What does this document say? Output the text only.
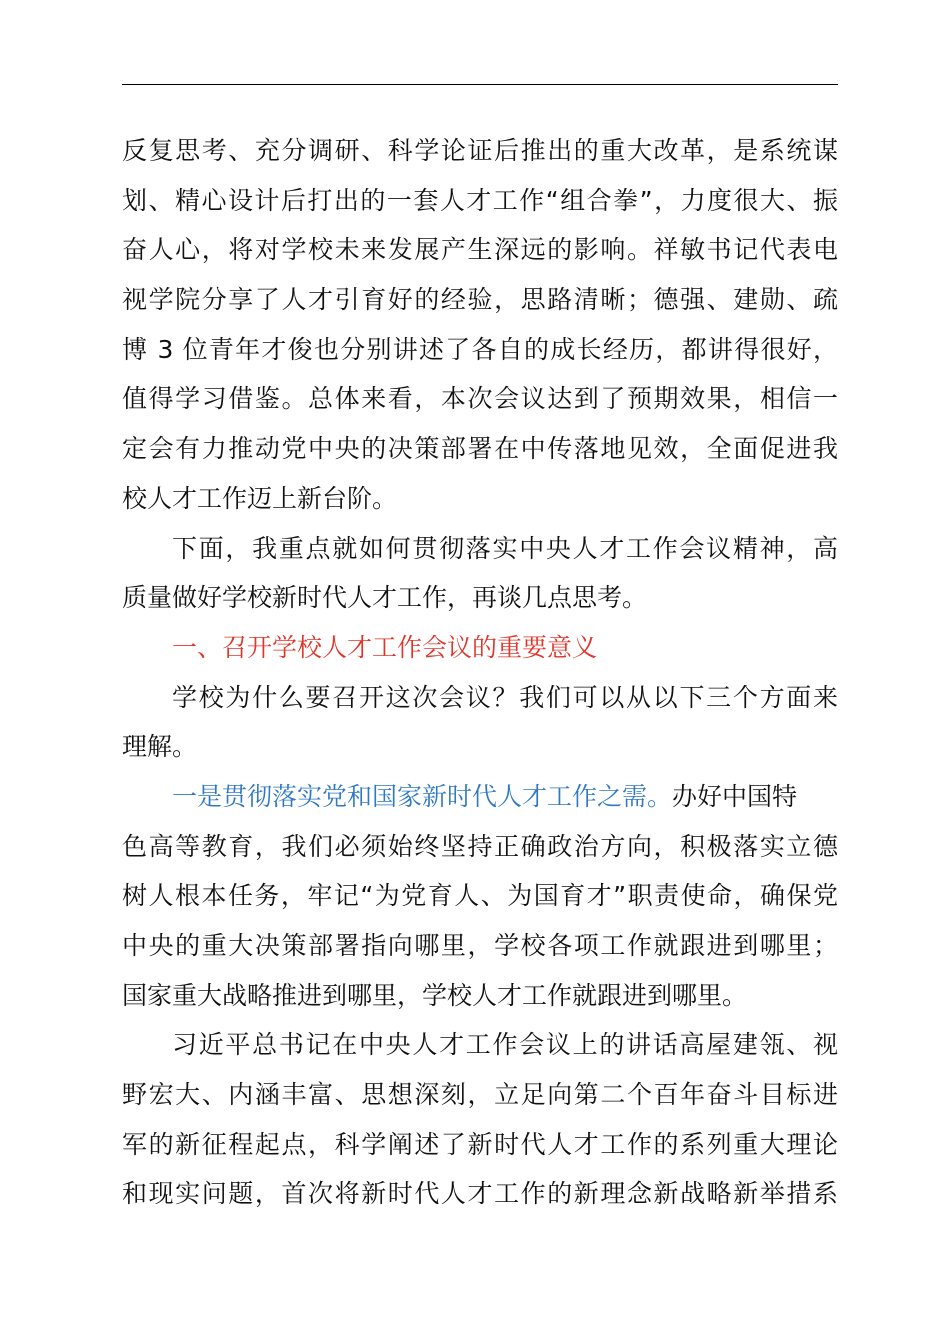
反复思考、充分调研、科学论证后推出的重大改革，是系统谋
划、精心设计后打出的一套人才工作“组合拳”，力度很大、振
奋人心，将对学校未来发展产生深远的影响。祥敏书记代表电
视学院分享了人才引育好的经验，思路清晰；德强、建勋、疏
博 3 位青年才俊也分别讲述了各自的成长经历，都讲得很好，
值得学习借鉴。总体来看，本次会议达到了预期效果，相信一
定会有力推动党中央的决策部署在中传落地见效，全面促进我
校人才工作迈上新台阶。
下面，我重点就如何贯彻落实中央人才工作会议精神，高
质量做好学校新时代人才工作，再谈几点思考。
一、召开学校人才工作会议的重要意义
学校为什么要召开这次会议？我们可以从以下三个方面来
理解。
一是贯彻落实党和国家新时代人才工作之需。办好中国特
色高等教育，我们必须始终坚持正确政治方向，积极落实立德
树人根本任务，牢记“为党育人、为国育才”职责使命，确保党
中央的重大决策部署指向哪里，学校各项工作就跟进到哪里；
国家重大战略推进到哪里，学校人才工作就跟进到哪里。
习近平总书记在中央人才工作会议上的讲话高屋建瓴、视
野宏大、内涵丰富、思想深刻，立足向第二个百年奋斗目标进
军的新征程起点，科学阐述了新时代人才工作的系列重大理论
和现实问题，首次将新时代人才工作的新理念新战略新举措系
